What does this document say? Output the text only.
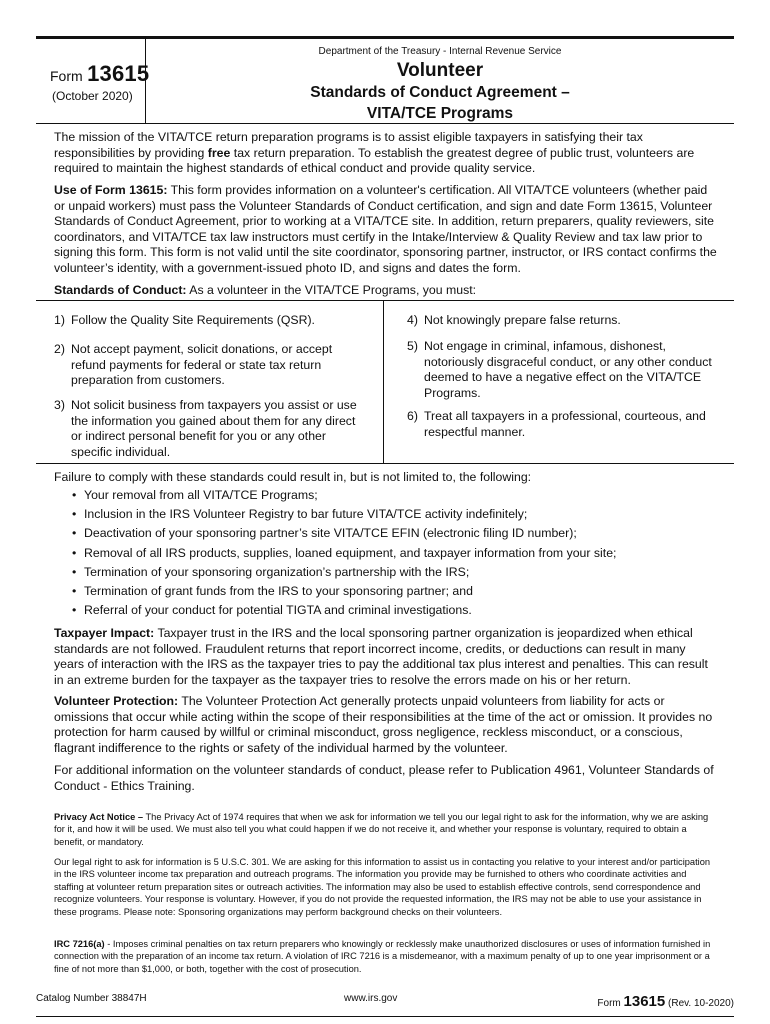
Form 13615
(October 2020)
Department of the Treasury - Internal Revenue Service
Volunteer
Standards of Conduct Agreement –
VITA/TCE Programs

The mission of the VITA/TCE return preparation programs is to assist eligible taxpayers in satisfying their tax responsibilities by providing free tax return preparation. To establish the greatest degree of public trust, volunteers are required to maintain the highest standards of ethical conduct and provide quality service.

Use of Form 13615: This form provides information on a volunteer's certification. All VITA/TCE volunteers (whether paid or unpaid workers) must pass the Volunteer Standards of Conduct certification, and sign and date Form 13615, Volunteer Standards of Conduct Agreement, prior to working at a VITA/TCE site. In addition, return preparers, quality reviewers, site coordinators, and VITA/TCE tax law instructors must certify in the Intake/Interview & Quality Review and tax law prior to signing this form. This form is not valid until the site coordinator, sponsoring partner, instructor, or IRS contact confirms the volunteer’s identity, with a government-issued photo ID, and signs and dates the form.

Standards of Conduct: As a volunteer in the VITA/TCE Programs, you must:

1) Follow the Quality Site Requirements (QSR).
2) Not accept payment, solicit donations, or accept refund payments for federal or state tax return preparation from customers.
3) Not solicit business from taxpayers you assist or use the information you gained about them for any direct or indirect personal benefit for you or any other specific individual.
4) Not knowingly prepare false returns.
5) Not engage in criminal, infamous, dishonest, notoriously disgraceful conduct, or any other conduct deemed to have a negative effect on the VITA/TCE Programs.
6) Treat all taxpayers in a professional, courteous, and respectful manner.

Failure to comply with these standards could result in, but is not limited to, the following:

• Your removal from all VITA/TCE Programs;
• Inclusion in the IRS Volunteer Registry to bar future VITA/TCE activity indefinitely;
• Deactivation of your sponsoring partner’s site VITA/TCE EFIN (electronic filing ID number);
• Removal of all IRS products, supplies, loaned equipment, and taxpayer information from your site;
• Termination of your sponsoring organization’s partnership with the IRS;
• Termination of grant funds from the IRS to your sponsoring partner; and
• Referral of your conduct for potential TIGTA and criminal investigations.

Taxpayer Impact: Taxpayer trust in the IRS and the local sponsoring partner organization is jeopardized when ethical standards are not followed. Fraudulent returns that report incorrect income, credits, or deductions can result in many years of interaction with the IRS as the taxpayer tries to pay the additional tax plus interest and penalties. This can result in an extreme burden for the taxpayer as the taxpayer tries to resolve the errors made on his or her return.

Volunteer Protection: The Volunteer Protection Act generally protects unpaid volunteers from liability for acts or omissions that occur while acting within the scope of their responsibilities at the time of the act or omission. It provides no protection for harm caused by willful or criminal misconduct, gross negligence, reckless misconduct, or a conscious, flagrant indifference to the rights or safety of the individual harmed by the volunteer.

For additional information on the volunteer standards of conduct, please refer to Publication 4961, Volunteer Standards of Conduct - Ethics Training.

Privacy Act Notice – The Privacy Act of 1974 requires that when we ask for information we tell you our legal right to ask for the information, why we are asking for it, and how it will be used. We must also tell you what could happen if we do not receive it, and whether your response is voluntary, required to obtain a benefit, or mandatory.

Our legal right to ask for information is 5 U.S.C. 301. We are asking for this information to assist us in contacting you relative to your interest and/or participation in the IRS volunteer income tax preparation and outreach programs. The information you provide may be furnished to others who coordinate activities and staffing at volunteer return preparation sites or outreach activities. The information may also be used to establish effective controls, send correspondence and recognize volunteers. Your response is voluntary. However, if you do not provide the requested information, the IRS may not be able to use your assistance in these programs. Please note: Sponsoring organizations may perform background checks on their volunteers.

IRC 7216(a) - Imposes criminal penalties on tax return preparers who knowingly or recklessly make unauthorized disclosures or uses of information furnished in connection with the preparation of an income tax return. A violation of IRC 7216 is a misdemeanor, with a maximum penalty of up to one year imprisonment or a fine of not more than $1,000, or both, together with the cost of prosecution.

Catalog Number 38847H	www.irs.gov	Form 13615 (Rev. 10-2020)
